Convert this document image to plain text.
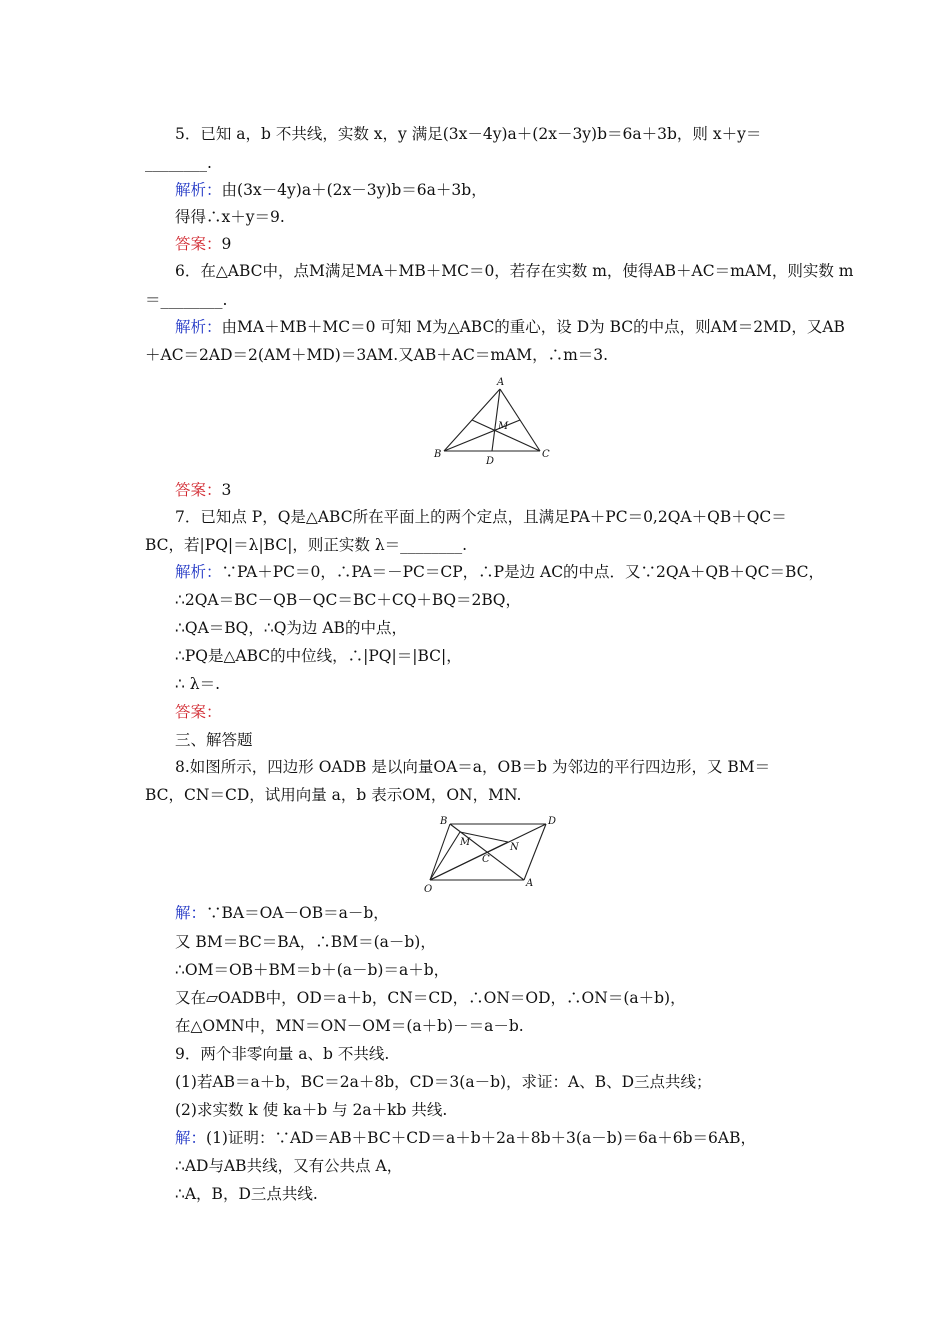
5．已知 a，b 不共线，实数 x，y 满足(3x－4y)a＋(2x－3y)b＝6a＋3b，则 x＋y＝
________.
解析：由(3x－4y)a＋(2x－3y)b＝6a＋3b，
得得∴x＋y＝9.
答案：9
6．在△ABC中，点M满足MA＋MB＋MC＝0，若存在实数 m，使得AB＋AC＝mAM，则实数 m
＝________.
解析：由MA＋MB＋MC＝0 可知 M为△ABC的重心，设 D为 BC的中点，则AM＝2MD，又AB
＋AC＝2AD＝2(AM＋MD)＝3AM.又AB＋AC＝mAM，∴m＝3.
A
B	C
D
M
答案：3
7．已知点 P，Q是△ABC所在平面上的两个定点，且满足PA＋PC＝0,2QA＋QB＋QC＝
BC，若|PQ|＝λ|BC|，则正实数 λ＝________.
解析：∵PA＋PC＝0，∴PA＝－PC＝CP，∴P是边 AC的中点．又∵2QA＋QB＋QC＝BC，
∴2QA＝BC－QB－QC＝BC＋CQ＋BQ＝2BQ，
∴QA＝BQ，∴Q为边 AB的中点，
∴PQ是△ABC的中位线，∴|PQ|＝|BC|，
∴ λ＝.
答案：
三、解答题
8.如图所示，四边形 OADB 是以向量OA＝a，OB＝b 为邻边的平行四边形，又 BM＝
BC，CN＝CD，试用向量 a，b 表示OM，ON，MN.
B	D
M	N
C
O
A
解：∵BA＝OA－OB＝a－b，
又 BM＝BC＝BA，∴BM＝(a－b)，
∴OM＝OB＋BM＝b＋(a－b)＝a＋b，
又在▱OADB中，OD＝a＋b，CN＝CD，∴ON＝OD，∴ON＝(a＋b)，
在△OMN中，MN＝ON－OM＝(a＋b)－＝a－b.
9．两个非零向量 a、b 不共线.
(1)若AB＝a＋b，BC＝2a＋8b，CD＝3(a－b)，求证：A、B、D三点共线；
(2)求实数 k 使 ka＋b 与 2a＋kb 共线.
解：(1)证明：∵AD＝AB＋BC＋CD＝a＋b＋2a＋8b＋3(a－b)＝6a＋6b＝6AB，
∴AD与AB共线，又有公共点 A，
∴A，B，D三点共线.
